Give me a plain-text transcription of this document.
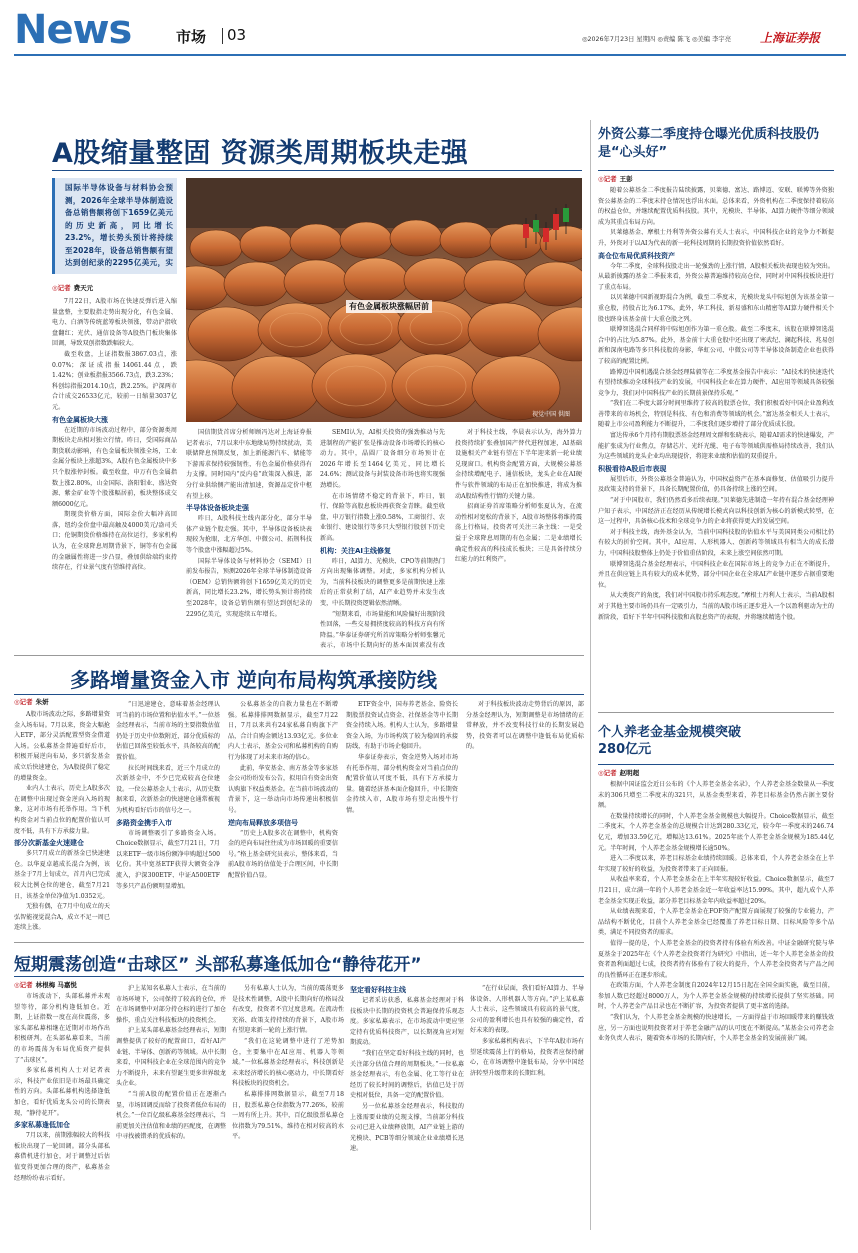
News	市场 03	◎2026年7月23日 星期四 ◎责编 陈飞 ◎美编 李宇亮 上海证券报
A股缩量整固 资源类周期板块走强
国际半导体设备与材料协会预测，2026年全球半导体制造设备总销售额将创下1659亿美元的历史新高，同比增长23.2%，增长势头预计将持续至2028年，设备总销售额有望达到创纪录的2295亿美元，实
有色金属板块涨幅居前
视觉中国 供图
◎记者 费天元

7月22日，A股市场在快速反弹后进入缩量盘整，主要股指走势出现分化，有色金属、电力、白酒等传统蓝筹板块领涨，带动沪指收盘翻红；光伏、通信设备等A股热门板块集体回调，导致双创指数跌幅较大。

截至收盘，上证指数报3867.03点，涨0.07%；深证成指报14061.44点，跌1.42%；创业板指报3566.73点，跌3.23%；科创综指报2014.10点，跌2.25%。沪深两市合计成交26533亿元，较前一日缩量3037亿元。

有色金属板块大涨

在近期的市场波动过程中，部分资源类周期板块走出相对独立行情。昨日，受国际商品期货联动影响，有色金属板块领涨全场，工业金属分板块上涨超3%，A股有色金属板块中多只个股涨停封板。截至收盘，申万有色金属指数上涨2.80%，山金国际、洛阳钼业、盛达资源、紫金矿业等个股涨幅居前，板块整体成交额6000亿元。

期现货价格方面，国际金价大幅冲高回落，纽约金价盘中最高触及4000美元/盎司关口；伦铜期货价格维持在高位运行，多家机构认为，在全球降息周期背景下，铜等有色金属的金融属性将进一步凸显，叠加供给端约束持续存在，行业景气度有望维持高位。

国信期货首席分析师顾冯达对上海证券报记者表示，7月以来中东地缘局势持续扰动，美联储降息预期反复，加上新能源汽车、储能等下游需求保持较强韧性，有色金属价格获得有力支撑。同时国内“反内卷”政策深入推进，部分行业供给侧产能出清加速，资源品定价中枢有望上移。

半导体设备板块走强

昨日，A股科技主线内部分化，部分半导体产业链个股走强。其中，半导体设备板块表现较为抢眼，北方华创、中微公司、拓荆科技等个股盘中涨幅超过5%。

国际半导体设备与材料协会（SEMI）日前发布报告，预测2026年全球半导体制造设备（OEM）总销售额将创下1659亿美元的历史新高，同比增长23.2%，增长势头预计将持续至2028年，设备总销售额有望达到创纪录的2295亿美元，实现连续五年增长。

SEMI认为，AI相关投资的强劲推动与先进制程的产能扩张是推动设备市场增长的核心动力。其中，晶圆厂设备细分市场预计在2026年增长至1464亿美元，同比增长24.6%；测试设备与封装设备市场也将实现强劲增长。

在市场情绪不稳定的背景下，昨日，银行、保险等高股息板块再获资金青睐。截至收盘，申万银行指数上涨0.58%，工商银行、农业银行、建设银行等多只大型银行股创下历史新高。

机构：关注AI主线修复

昨日，AI算力、光模块、CPO等前期热门方向出现集体调整。对此，多家机构分析认为，当前科技板块的调整更多是前期快速上涨后的正常获利了结，AI产业趋势并未发生改变，中长期投资逻辑依然清晰。

“短期来看，市场量能和风险偏好出现阶段性回落，一些交易拥挤度较高的科技方向有所降温。”华泰证券研究所首席策略分析师张馨元表示，市场中长期向好的基本面因素没有改

对于科技主线，李晨表示认为，海外算力投资持续扩张叠加国产替代进程加速，AI基础设施相关产业链有望在下半年迎来新一轮业绩兑现窗口。机构资金配置方面，大规模公募基金持续增配电子、通信板块，龙头企业在AI硬件与软件领域的布局正在加快推进，将成为推动A股结构性行情的关键力量。

招商证券首席策略分析师张夏认为，在流动性相对宽松的背景下，A股市场整体将维持震荡上行格局，投资者可关注三条主线：一是受益于全球降息周期的有色金属；二是业绩增长确定性较高的科技成长板块；三是具备持续分红能力的红利资产。

外资公募二季度持仓曝光优质科技股仍是“心头好”
◎记者 王彭

随着公募基金二季度报告陆续披露，贝莱德、富达、路博迈、安联、联博等外资独资公募基金的二季度末持仓情况也浮出水面。总体来看，外资机构在二季度保持着较高的权益仓位，并继续配置优质科技股。其中，光模块、半导体、AI算力硬件等细分领域成为其重点布局方向。

贝莱德基金、摩根士丹利等外资公募有关人士表示，中国科技企业的竞争力不断提升，外资对于以AI为代表的新一轮科技周期的长期投资价值依然看好。

高仓位布局优质科技资产

今年二季度，全球科技股走出一轮强劲的上涨行情，A股相关板块表现也较为突出。从最新披露的基金二季报来看，外资公募普遍维持较高仓位，同时对中国科技板块进行了重点布局。

以贝莱德中国新视野混合为例，截至二季度末，光模块龙头中际旭创为该基金第一重仓股，持股占比为6.17%，此外，华工科技、新易盛和东山精密等AI算力硬件相关个股也跻身该基金前十大重仓股之列。

联博智选混合同样将中际旭创作为第一重仓股。截至二季度末，该股在联博智选混合中的占比为5.87%。此外，基金前十大重仓股中还出现了寒武纪、澜起科技、兆易创新和深南电路等多只科技股的身影，华虹公司、中微公司等半导体设备制造企业也获得了较高的配置比例。

路博迈中国机遇混合基金经理陆毅等在二季度基金报告中表示：“AI技术的快速迭代有望持续推动全球科技产业的发展，中国科技企业在算力硬件、AI应用等领域具备较强竞争力，我们对中国科技产业的长期前景保持乐观。”

“我们在二季度大部分时间里维持了较高的股票仓位，我们积极看好中国企业盈利改善带来的市场机会，特别是科技、有色和消费等领域的机会。”富达基金相关人士表示，随着上市公司盈利能力不断提升，二季度我们逐步增持了部分优质成长股。

富达传承6个月持有期股票基金经理周文群和张晓表示，随着AI需求的快速爆发，产能扩张成为行业焦点，存储芯片、光纤光缆、电子布等领域供需格局持续改善，我们认为这些领域的龙头企业均出现提价，将迎来业绩和估值的双重提升。

积极看待A股后市表现

展望后市，外资公募基金普遍认为，中国权益资产在基本面修复、估值吸引力提升及政策支持的背景下，具备长期配置价值，仍具备持续上涨的空间。

“对于中国股市，我们仍然看多后续表现。”贝莱德先进制造一年持有混合基金经理神户知子表示，中国经济正在经历从传统增长模式向以科技创新为核心的新模式转型，在这一过程中，具备核心技术和全球竞争力的企业将获得更大的发展空间。

对于科技主线，海外基金认为，当前中国科技股的估值水平与美国同类公司相比仍有较大的折价空间。其中，AI应用、人形机器人、创新药等领域具有相当大的成长潜力，中国科技股整体上仍处于价值重估阶段，未来上涨空间依然可期。

联博智选混合基金经理表示，中国科技企业在国际市场上的竞争力正在不断提升，并且在供应链上具有较大的成本优势，部分中国企业在全球AI产业链中逐步占据重要地位。

从大类资产的角度，我们对中国股市持乐观态度。”摩根士丹利人士表示，当前A股相对于其他主要市场仍具有一定吸引力，当前的A股市场正逐步进入一个以盈利驱动为主的新阶段，看好下半年中国科技股和高股息资产的表现，并将继续精选个股。

多路增量资金入市 逆向布局构筑承接防线
◎记者 朱妍

A股市场波动之际，多路增量资金入场布局。7月以来，资金大幅抢入ETF，部分灵活配置型资金借道入场。公私募基金普遍看好后市，积极开展逆向布局，多只新发基金成立后快速建仓，为A股提供了稳定的增量资金。

业内人士表示，历史上A股多次在调整中出现过资金逆向入场的现象，这对市场有托举作用。当下机构资金对当前点位的配置价值认可度不低，具有下方承接力量。

部分次新基金火速建仓

多只7月成立的新基金已快速建仓。以华夏卓越成长混合为例，该基金于7月上旬成立，首月内已完成较大比例仓位的建仓，截至7月21日，该基金单位净值为1.0352元。

无独有偶，在7月中旬成立的天弘智能视觉混合A，成立不足一周已连续上涨。

“日迅速建仓，意味着基金经理认可当前的市场位置和估值水平。”一位基金经理表示，当前市场的主要指数估值仍处于历史中位数附近，部分优质标的估值已回落至较低水平，具备较高的配置价值。

拉长时间线来看，近三个月成立的次新基金中，不少已完成较高仓位建设。一位公募基金人士表示，从历史数据来看，次新基金的快速建仓通常被视为机构看好后市的信号之一。

多路资金携手入市

市场调整吸引了多路资金入场。Choice数据显示，截至7月21日，7月以来ETF一级市场份额净申购超过500亿份。其中宽基ETF获得大额资金净流入，沪深300ETF、中证A500ETF等多只产品份额明显增加。

公私募基金的自救力量也在不断增强。私募排排网数据显示，截至7月22日，7月以来共有24家私募自购旗下产品，合计自购金额达13.93亿元。多位业内人士表示，基金公司和私募机构的自购行为体现了对未来市场的信心。

此前，华安基金、南方基金等多家基金公司纷纷发布公告，拟用自有资金出资认购旗下权益类基金。在当前市场波动的背景下，这一举动向市场传递出积极信号。

逆向布局释放多项信号

“历史上A股多次在调整中，机构资金的逆向布局往往成为市场回暖的重要信号。”格上基金研究员表示，整体来看，当前A股市场的估值处于合理区间，中长期配置价值凸显。

ETF资金中，国寿养老基金、险资长期股票投资试点资金、社保基金等中长期资金持续入场。机构人士认为，多路增量资金入场，为市场构筑了较为稳固的承接防线，有助于市场企稳回升。

华泰证券表示，资金逆势入场对市场有托举作用，部分机构资金对当前点位的配置价值认可度不低，具有下方承接力量。随着经济基本面企稳回升，中长期资金持续入市，A股市场有望走出慢牛行情。

对于科技板块波动走势背后的原因，部分基金经理认为，短期调整是市场情绪的正常释放，并不改变科技行业的长期发展趋势，投资者可以在调整中逢低布局优质标的。

个人养老金基金规模突破280亿元
◎记者 赵明超

根据中国证监会近日公布的《个人养老金基金名录》，个人养老金基金数量从一季度末的306只增至二季度末的321只，从基金类型来看，养老目标基金仍然占据主要份额。

在数量持续增长的同时，个人养老金基金规模也大幅提升。Choice数据显示，截至二季度末，个人养老金基金的总规模合计达到280.33亿元，较今年一季度末的246.74亿元，增加33.59亿元，增幅达13.61%。2025年底个人养老金基金规模为185.44亿元。半年时间，个人养老金基金规模增长逾50%。

进入二季度以来，养老目标基金业绩持续回暖。总体来看，个人养老金基金在上半年实现了较好的收益，为投资者带来了正向回报。

从收益率来看，个人养老金基金在上半年实现较好收益。Choice数据显示，截至7月21日，成立满一年的个人养老金基金近一年收益率达15.99%。其中，超九成个人养老金基金实现正收益，部分养老目标基金年内收益率超过20%。

从业绩表现来看，个人养老金基金在FOF资产配置方面展现了较强的专业能力，产品结构不断优化，目前个人养老金基金已经覆盖了养老目标日期、目标风险等多个品类，满足不同投资者的需求。

值得一提的是，个人养老金基金的投资者持有体验有所改善。中证金融研究院与华夏基金于2025年在《个人养老金投资者行为研究》中指出，近一年个人养老金基金的投资者盈利面超过七成，投资者持有体验有了较大的提升，个人养老金投资者与产品之间的良性循环正在逐步形成。

在政策方面，个人养老金制度自2024年12月15日起在全国全面实施，截至目前，参加人数已经超过8000万人，为个人养老金基金规模的持续增长提供了坚实基础。同时，个人养老金产品目录也在不断扩容，为投资者提供了更丰富的选择。

“我们认为，个人养老金基金规模的快速增长，一方面得益于市场回暖带来的赚钱效应，另一方面也说明投资者对于养老金融产品的认可度在不断提高。”某基金公司养老金业务负责人表示，随着资本市场的长期向好，个人养老金基金的发展前景广阔。

短期震荡创造“击球区” 头部私募逢低加仓“静待花开”
◎记者 林根梅 马嘉悦

市场波动下，头部私募并未观望等待，部分机构逢低加仓。近期，上证指数一度在高位震荡，多家头部私募相继在近期对市场作出积极研判。在头部私募看来，当前的市场震荡为布局优质资产提供了“击球区”。

多家私募机构人士对记者表示，科技产业依旧是市场最具确定性的方向。头部私募机构选择逢低加仓，看好优质龙头公司的长期表现，“静待花开”。

多家私募逢低加仓

7月以来，前期涨幅较大的科技板块出现了一轮回调。部分头部私募借机进行加仓，对于调整过后估值变得更加合理的资产，私募基金经理纷纷表示看好。

沪上某知名私募人士表示，在当前的市场环境下，公司保持了较高的仓位，并在市场调整中对部分持仓标的进行了加仓操作，重点关注科技板块的投资机会。

沪上某头部私募基金经理表示，短期调整提供了较好的配置窗口，看好AI产业链、半导体、创新药等领域。从中长期来看，中国科技企业在全球范围内的竞争力不断提升，未来有望诞生更多世界级龙头企业。

“当前A股的配置价值正在逐渐凸显，市场回调反而给了投资者低位布局的机会。”一位百亿级私募基金经理表示，当前更加关注估值和业绩的匹配度，在调整中寻找被错杀的优质标的。

另有私募人士认为，当前的震荡更多是技术性调整，A股中长期向好的格局没有改变，投资者不宜过度悲观。在流动性充裕、政策支持持续的背景下，A股市场有望迎来新一轮的上涨行情。

“我们在这轮调整中进行了逆势加仓，主要集中在AI应用、机器人等领域。”一位私募基金经理表示，科技创新是未来经济增长的核心驱动力，中长期看好科技板块的投资机会。

私募排排网数据显示，截至7月18日，股票私募仓位指数为77.26%，较前一周有所上升。其中，百亿级股票私募仓位指数为79.51%，维持在相对较高的水平。

坚定看好科技主线

记者采访获悉，私募基金经理对于科技板块中长期的投资机会普遍保持乐观态度。多家私募表示，在市场波动中更应坚定持有优质科技资产，以长期视角应对短期波动。

“我们在坚定看好科技主线的同时，也关注部分估值合理的周期板块。”一位私募基金经理表示，有色金属、化工等行业在经历了较长时间的调整后，估值已处于历史相对低位，具备一定的配置价值。

另一位私募基金经理表示，科技股的上涨需要业绩的兑现支撑，当前部分科技公司已进入业绩释放期，AI产业链上游的光模块、PCB等细分领域企业业绩增长迅速。

“在行业层面，我们看好AI算力、半导体设备、人形机器人等方向。”沪上某私募人士表示，这些领域具有较高的景气度，公司的盈利增长也具有较强的确定性，看好未来的表现。

多家私募机构表示，下半年A股市场有望延续震荡上行的格局，投资者应保持耐心，在市场调整中逢低布局，分享中国经济转型升级带来的长期红利。
